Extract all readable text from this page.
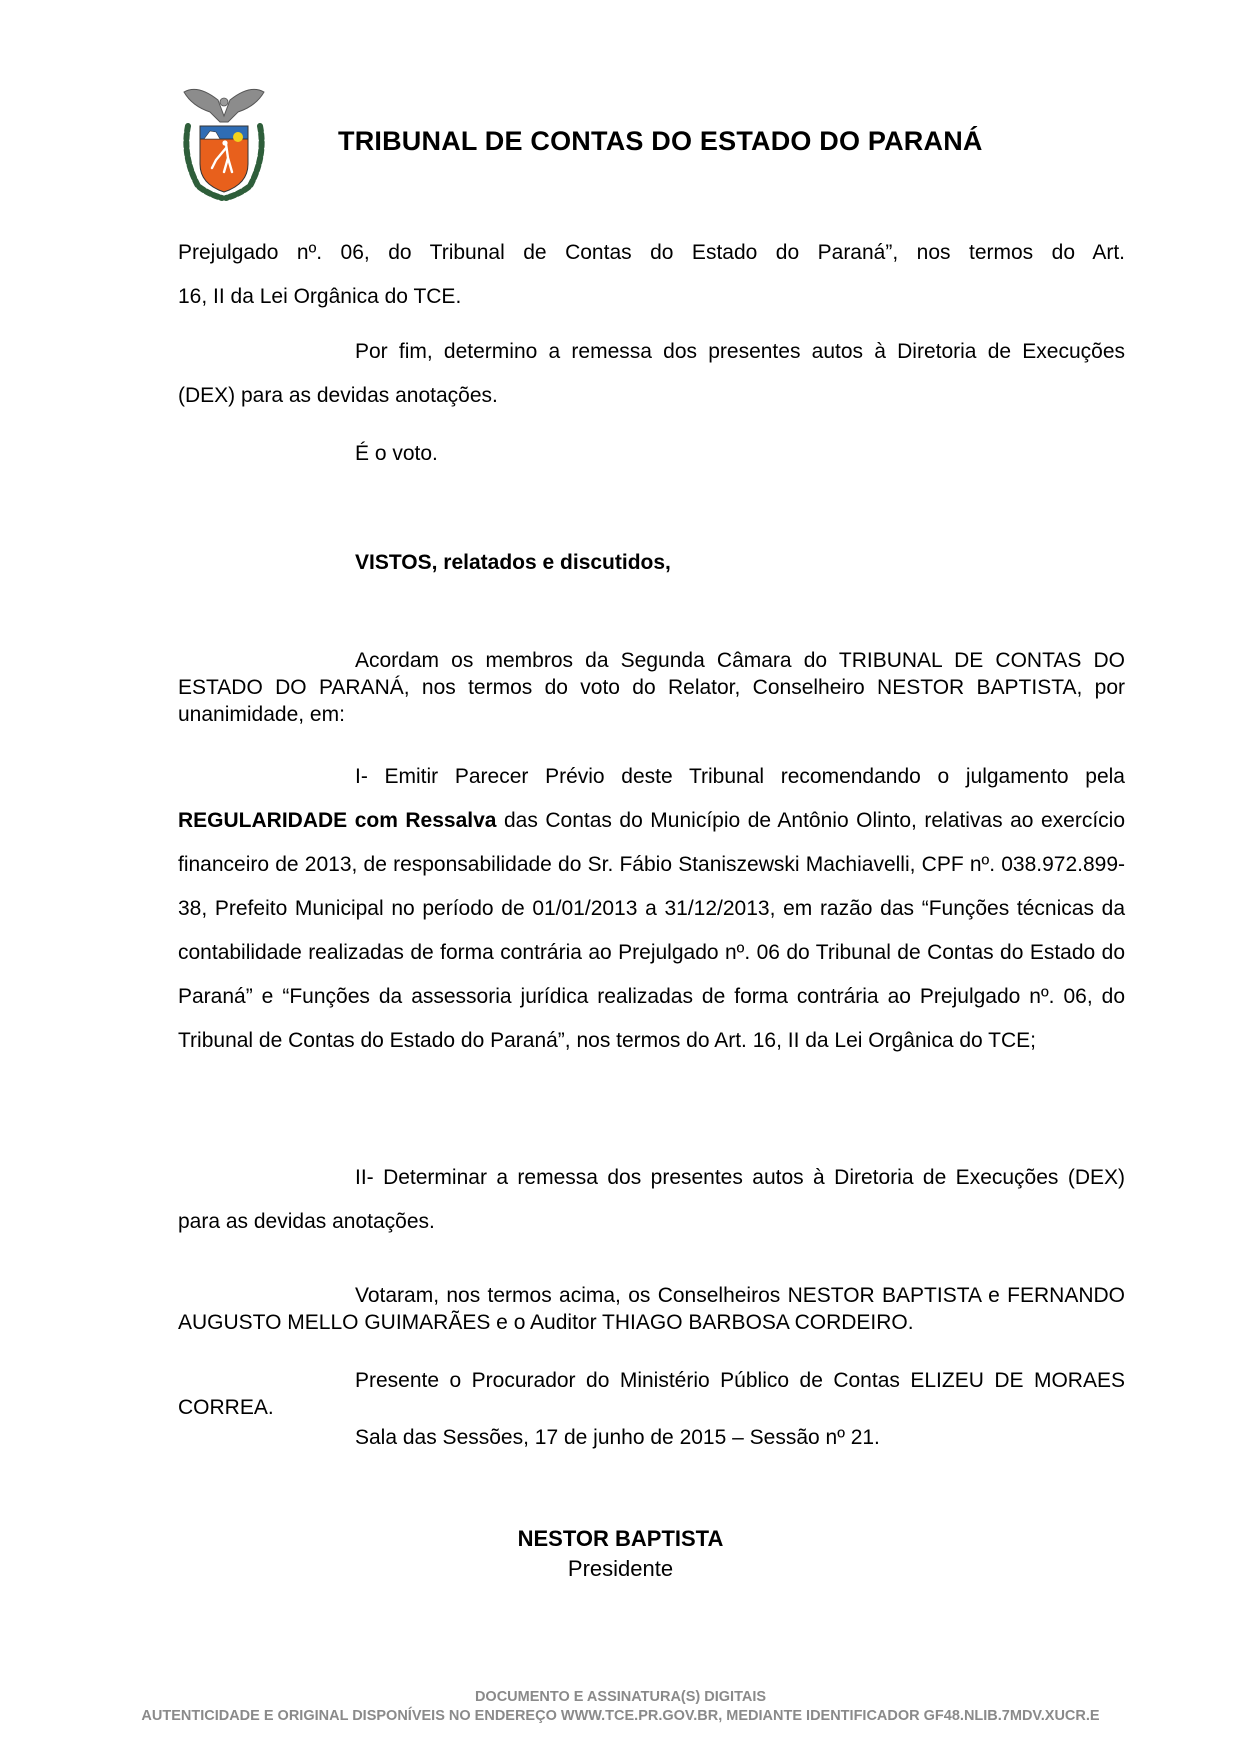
TRIBUNAL DE CONTAS DO ESTADO DO PARANÁ

Prejulgado nº. 06, do Tribunal de Contas do Estado do Paraná”, nos termos do Art.

16, II da Lei Orgânica do TCE.

Por fim, determino a remessa dos presentes autos à Diretoria de Execuções (DEX) para as devidas anotações.
É o voto.
VISTOS, relatados e discutidos,
Acordam os membros da Segunda Câmara do TRIBUNAL DE CONTAS DO ESTADO DO PARANÁ, nos termos do voto do Relator, Conselheiro NESTOR BAPTISTA, por unanimidade, em:
I- Emitir Parecer Prévio deste Tribunal recomendando o julgamento pela REGULARIDADE com Ressalva das Contas do Município de Antônio Olinto, relativas ao exercício financeiro de 2013, de responsabilidade do Sr. Fábio Staniszewski Machiavelli, CPF nº. 038.972.899-38, Prefeito Municipal no período de 01/01/2013 a 31/12/2013, em razão das “Funções técnicas da contabilidade realizadas de forma contrária ao Prejulgado nº. 06 do Tribunal de Contas do Estado do Paraná” e “Funções da assessoria jurídica realizadas de forma contrária ao Prejulgado nº. 06, do Tribunal de Contas do Estado do Paraná”, nos termos do Art. 16, II da Lei Orgânica do TCE;
II- Determinar a remessa dos presentes autos à Diretoria de Execuções (DEX) para as devidas anotações.
Votaram, nos termos acima, os Conselheiros NESTOR BAPTISTA e FERNANDO AUGUSTO MELLO GUIMARÃES e o Auditor THIAGO BARBOSA CORDEIRO.
Presente o Procurador do Ministério Público de Contas ELIZEU DE MORAES CORREA.
Sala das Sessões, 17 de junho de 2015 – Sessão nº 21.
NESTOR BAPTISTA
Presidente
DOCUMENTO E ASSINATURA(S) DIGITAIS
AUTENTICIDADE E ORIGINAL DISPONÍVEIS NO ENDEREÇO WWW.TCE.PR.GOV.BR, MEDIANTE IDENTIFICADOR GF48.NLIB.7MDV.XUCR.E
